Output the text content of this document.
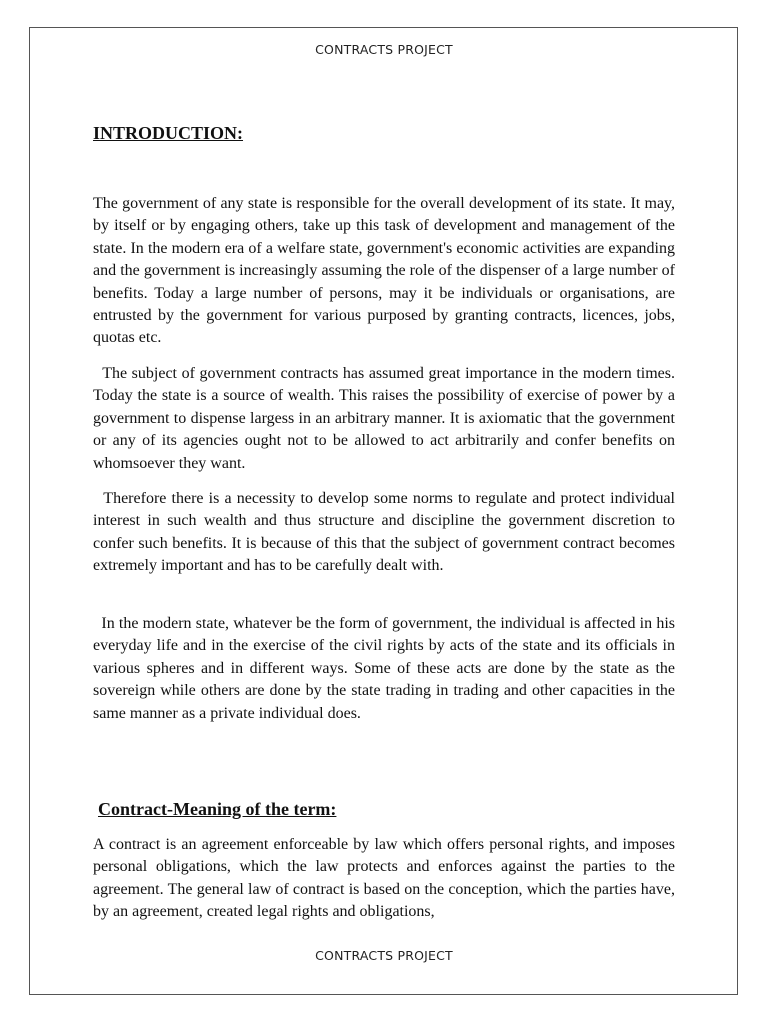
CONTRACTS PROJECT
INTRODUCTION:

The government of any state is responsible for the overall development of its state. It may, by itself or by engaging others, take up this task of development and management of the state. In the modern era of a welfare state, government's economic activities are expanding and the government is increasingly assuming the role of the dispenser of a large number of benefits. Today a large number of persons, may it be individuals or organisations, are entrusted by the government for various purposed by granting contracts, licences, jobs, quotas etc.

The subject of government contracts has assumed great importance in the modern times. Today the state is a source of wealth. This raises the possibility of exercise of power by a government to dispense largess in an arbitrary manner. It is axiomatic that the government or any of its agencies ought not to be allowed to act arbitrarily and confer benefits on whomsoever they want.

Therefore there is a necessity to develop some norms to regulate and protect individual interest in such wealth and thus structure and discipline the government discretion to confer such benefits. It is because of this that the subject of government contract becomes extremely important and has to be carefully dealt with.

In the modern state, whatever be the form of government, the individual is affected in his everyday life and in the exercise of the civil rights by acts of the state and its officials in various spheres and in different ways. Some of these acts are done by the state as the sovereign while others are done by the state trading in trading and other capacities in the same manner as a private individual does.

Contract-Meaning of the term:

A contract is an agreement enforceable by law which offers personal rights, and imposes personal obligations, which the law protects and enforces against the parties to the agreement. The general law of contract is based on the conception, which the parties have, by an agreement, created legal rights and obligations,

CONTRACTS PROJECT
